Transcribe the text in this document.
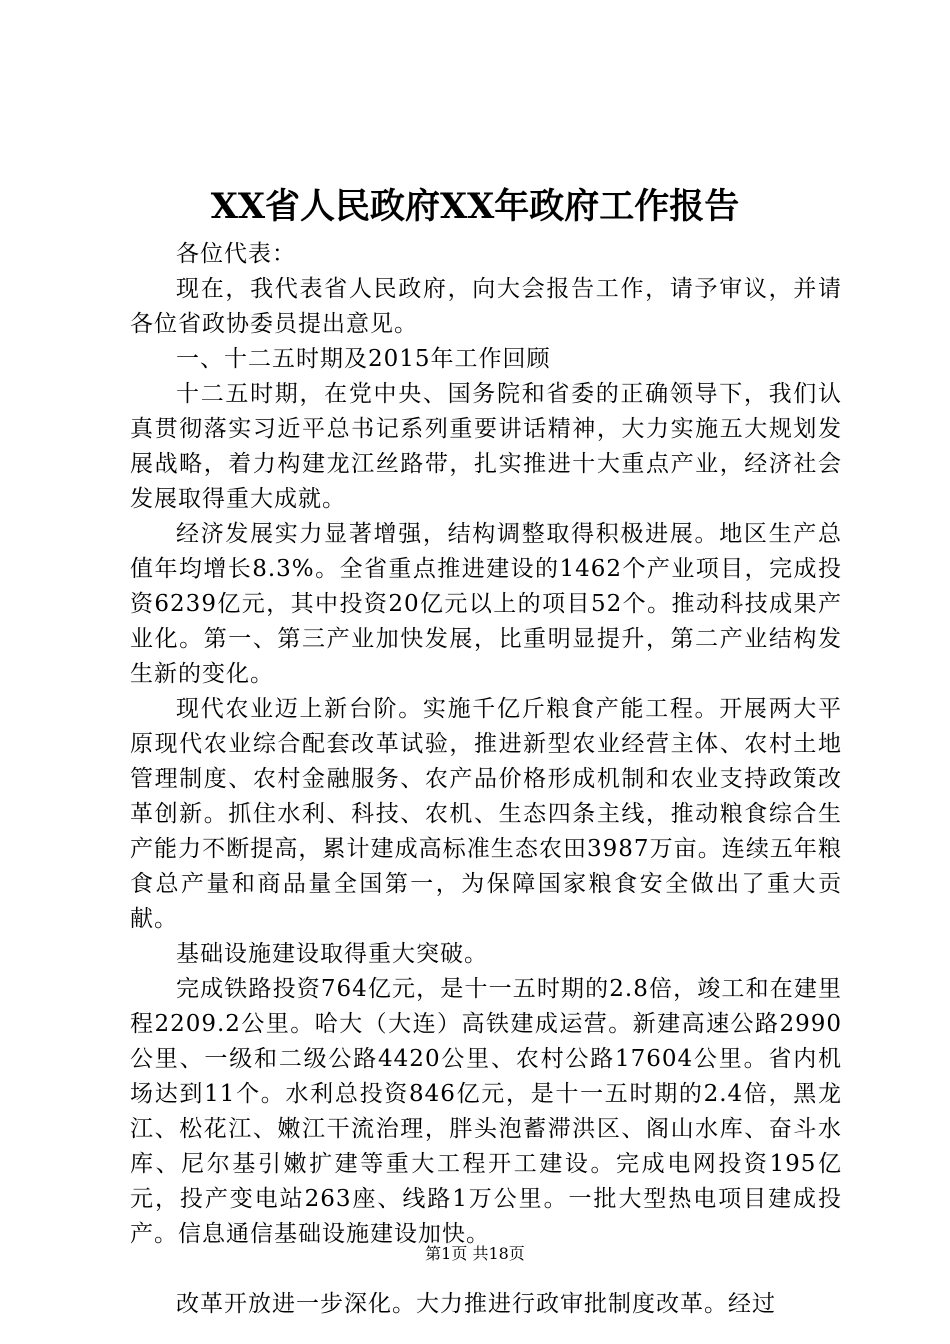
XX省人民政府XX年政府工作报告

各位代表：

现在，我代表省人民政府，向大会报告工作，请予审议，并请各位省政协委员提出意见。

一、十二五时期及2015年工作回顾

十二五时期，在党中央、国务院和省委的正确领导下，我们认真贯彻落实习近平总书记系列重要讲话精神，大力实施五大规划发展战略，着力构建龙江丝路带，扎实推进十大重点产业，经济社会发展取得重大成就。

经济发展实力显著增强，结构调整取得积极进展。地区生产总值年均增长8.3%。全省重点推进建设的1462个产业项目，完成投资6239亿元，其中投资20亿元以上的项目52个。推动科技成果产业化。第一、第三产业加快发展，比重明显提升，第二产业结构发生新的变化。

现代农业迈上新台阶。实施千亿斤粮食产能工程。开展两大平原现代农业综合配套改革试验，推进新型农业经营主体、农村土地管理制度、农村金融服务、农产品价格形成机制和农业支持政策改革创新。抓住水利、科技、农机、生态四条主线，推动粮食综合生产能力不断提高，累计建成高标准生态农田3987万亩。连续五年粮食总产量和商品量全国第一，为保障国家粮食安全做出了重大贡献。

基础设施建设取得重大突破。

完成铁路投资764亿元，是十一五时期的2.8倍，竣工和在建里程2209.2公里。哈大（大连）高铁建成运营。新建高速公路2990公里、一级和二级公路4420公里、农村公路17604公里。省内机场达到11个。水利总投资846亿元，是十一五时期的2.4倍，黑龙江、松花江、嫩江干流治理，胖头泡蓄滞洪区、阁山水库、奋斗水库、尼尔基引嫩扩建等重大工程开工建设。完成电网投资195亿元，投产变电站263座、线路1万公里。一批大型热电项目建成投产。信息通信基础设施建设加快。

改革开放进一步深化。大力推进行政审批制度改革。经过

第1页 共18页
